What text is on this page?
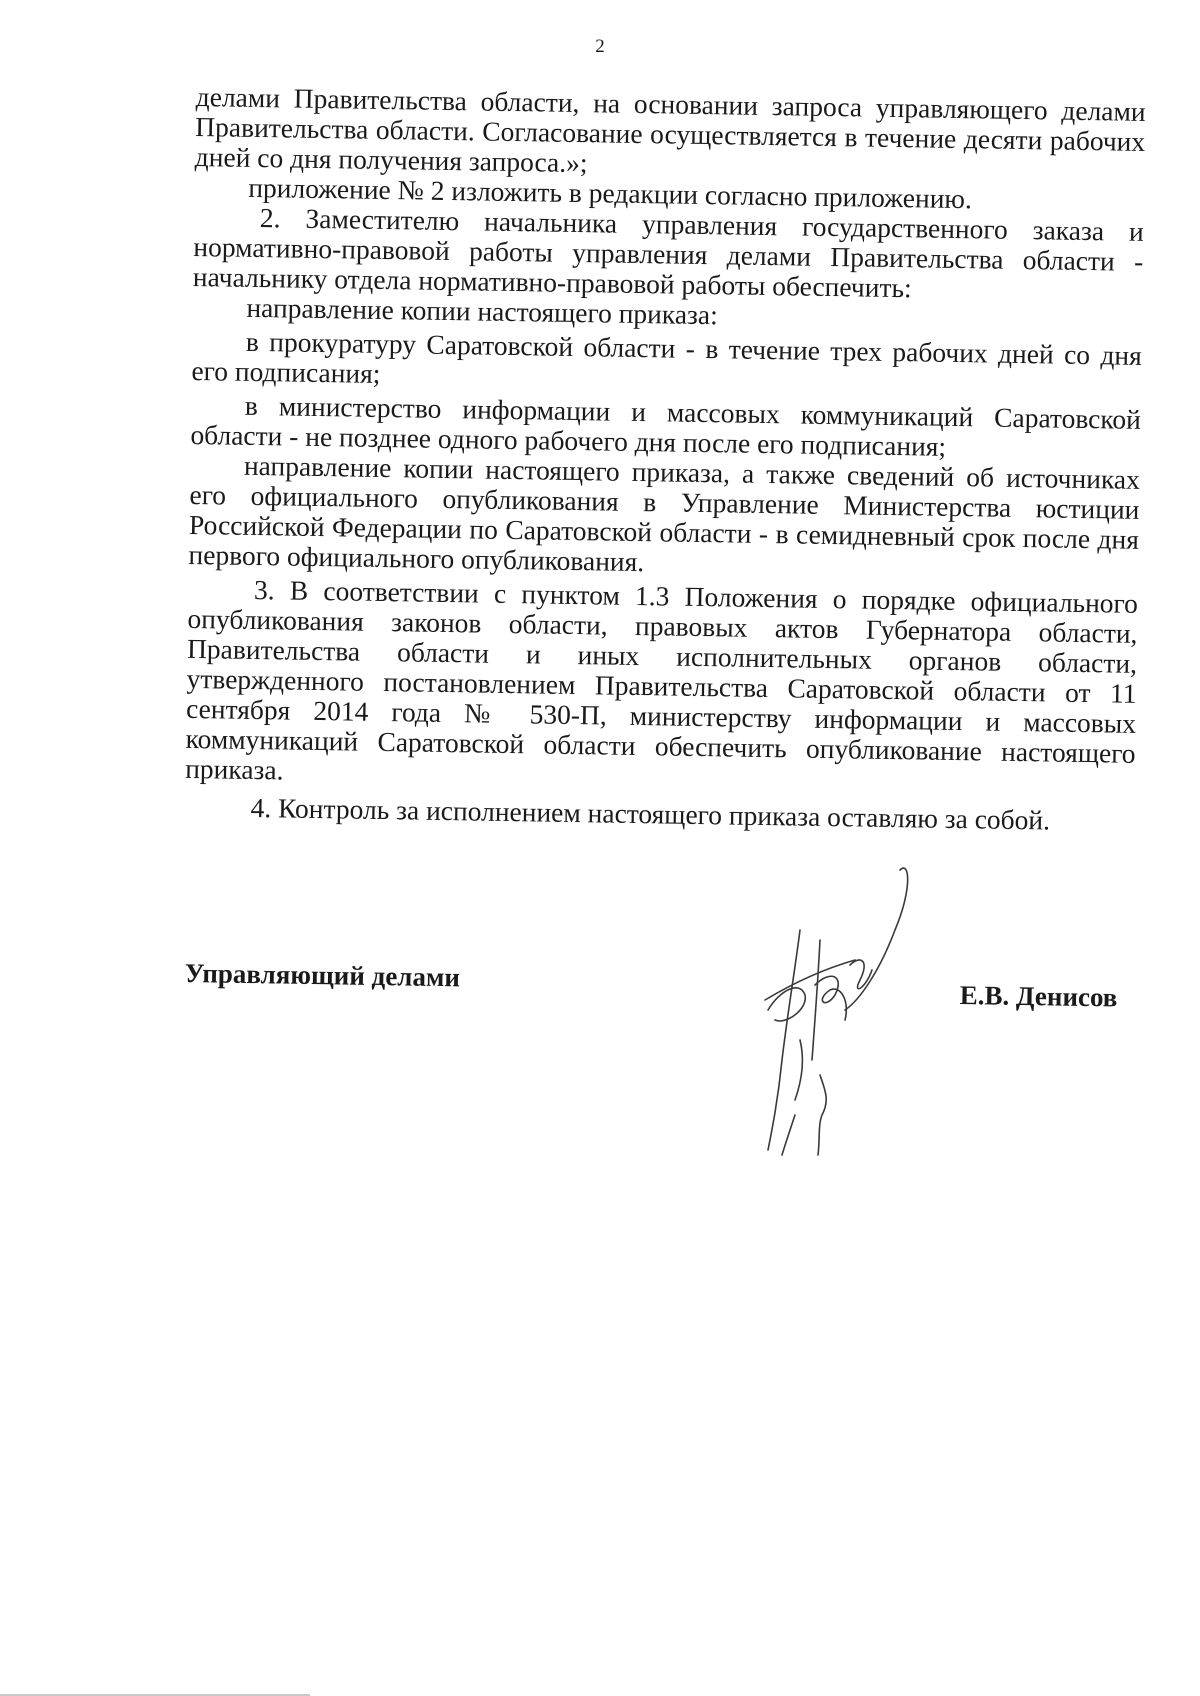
2

делами Правительства области, на основании запроса управляющего делами Правительства области. Согласование осуществляется в течение десяти рабочих дней со дня получения запроса.»;

приложение № 2 изложить в редакции согласно приложению.

2. Заместителю начальника управления государственного заказа и нормативно-правовой работы управления делами Правительства области - начальнику отдела нормативно-правовой работы обеспечить:

направление копии настоящего приказа:

в прокуратуру Саратовской области - в течение трех рабочих дней со дня его подписания;

в министерство информации и массовых коммуникаций Саратовской области - не позднее одного рабочего дня после его подписания;

направление копии настоящего приказа, а также сведений об источниках его официального опубликования в Управление Министерства юстиции Российской Федерации по Саратовской области - в семидневный срок после дня первого официального опубликования.

3. В соответствии с пунктом 1.3 Положения о порядке официального опубликования законов области, правовых актов Губернатора области, Правительства области и иных исполнительных органов области, утвержденного постановлением Правительства Саратовской области от 11 сентября 2014 года № 530-П, министерству информации и массовых коммуникаций Саратовской области обеспечить опубликование настоящего приказа.

4. Контроль за исполнением настоящего приказа оставляю за собой.

Управляющий делами
Е.В. Денисов
